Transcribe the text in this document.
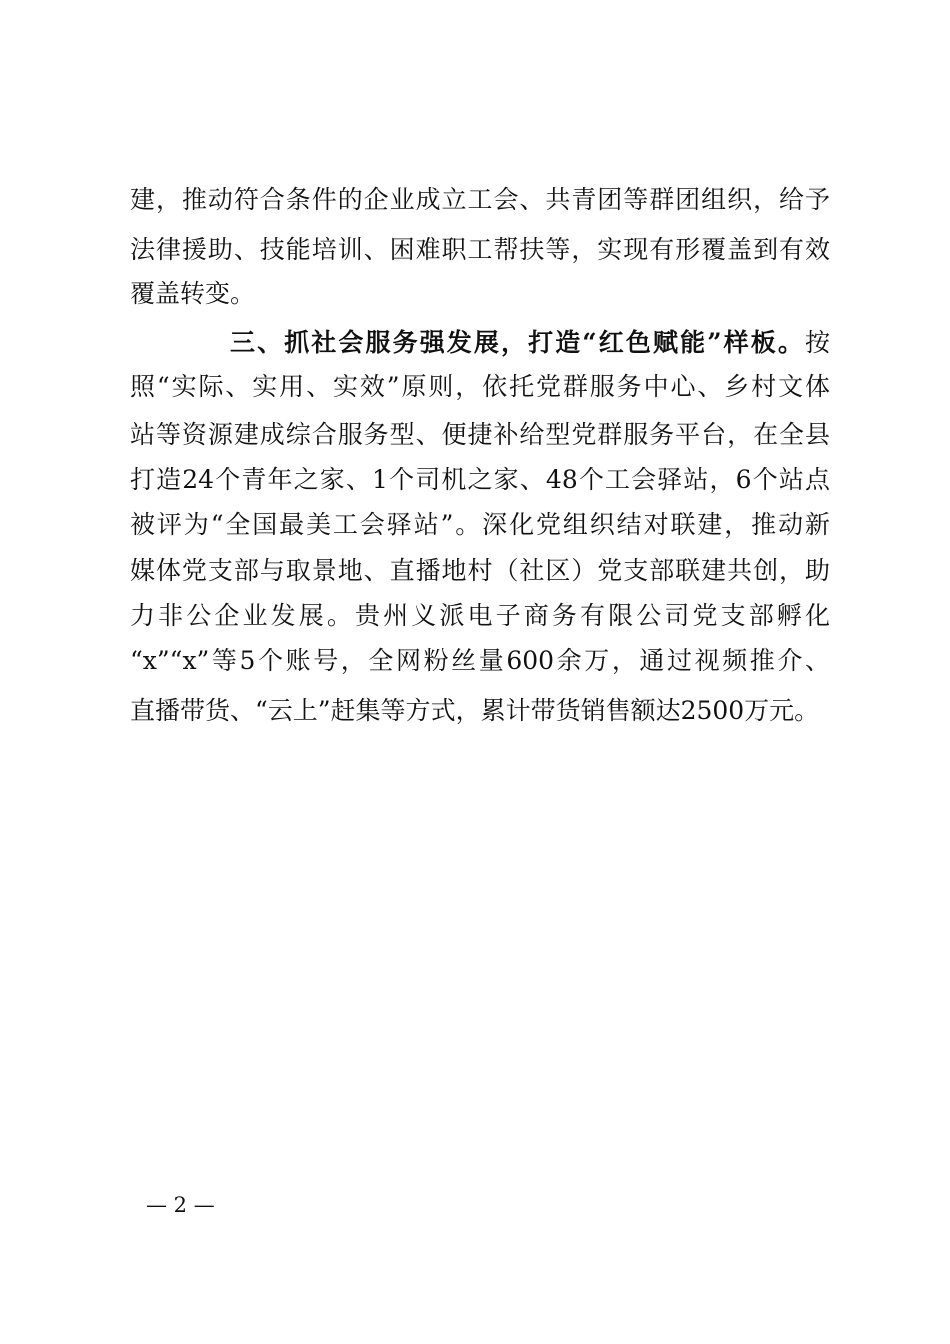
建，推动符合条件的企业成立工会、共青团等群团组织，给予
法律援助、技能培训、困难职工帮扶等，实现有形覆盖到有效
覆盖转变。
三、抓社会服务强发展，打造“红色赋能”样板。按
照“实际、实用、实效”原则，依托党群服务中心、乡村文体
站等资源建成综合服务型、便捷补给型党群服务平台，在全县
打造24个青年之家、1个司机之家、48个工会驿站，6个站点
被评为“全国最美工会驿站”。深化党组织结对联建，推动新
媒体党支部与取景地、直播地村（社区）党支部联建共创，助
力非公企业发展。贵州义派电子商务有限公司党支部孵化
“x”“x”等5个账号，全网粉丝量600余万，通过视频推介、
直播带货、“云上”赶集等方式，累计带货销售额达2500万元。
— 2 —
